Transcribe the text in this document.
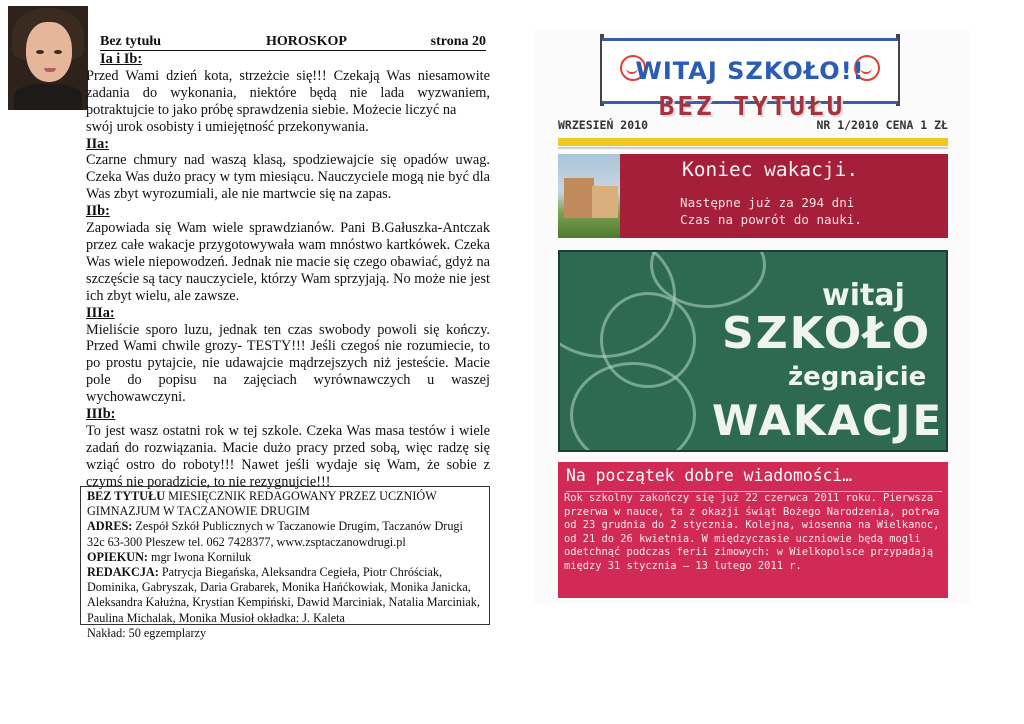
Bez tytułu	HOROSKOP	strona 20
Ia i Ib:

Przed Wami dzień kota, strzeżcie się!!! Czekają Was niesamowite zadania do wykonania, niektóre będą nie lada wyzwaniem, potraktujcie to jako próbę sprawdzenia siebie. Możecie liczyć na

swój urok osobisty i umiejętność przekonywania.

IIa:

Czarne chmury nad waszą klasą, spodziewajcie się opadów uwag. Czeka Was dużo pracy w tym miesiącu. Nauczyciele mogą nie być dla Was zbyt wyrozumiali, ale nie martwcie się na zapas.

IIb:

Zapowiada się Wam wiele sprawdzianów. Pani B.Gałuszka-Antczak przez całe wakacje przygotowywała wam mnóstwo kartkówek. Czeka Was wiele niepowodzeń. Jednak nie macie się czego obawiać, gdyż na szczęście są tacy nauczyciele, którzy Wam sprzyjają. No może nie jest ich zbyt wielu, ale zawsze.

IIIa:

Mieliście sporo luzu, jednak ten czas swobody powoli się kończy. Przed Wami chwile grozy- TESTY!!! Jeśli czegoś nie rozumiecie, to po prostu pytajcie, nie udawajcie mądrzejszych niż jesteście. Macie pole do popisu na zajęciach wyrównawczych u waszej wychowawczyni.

IIIb:

To jest wasz ostatni rok w tej szkole. Czeka Was masa testów i wiele zadań do rozwiązania. Macie dużo pracy przed sobą, więc radzę się wziąć ostro do roboty!!! Nawet jeśli wydaje się Wam, że sobie z czymś nie poradzicie, to nie rezygnujcie!!!

BEZ TYTUŁU MIESIĘCZNIK REDAGOWANY PRZEZ UCZNIÓW GIMNAZJUM W TACZANOWIE DRUGIM

ADRES: Zespół Szkół Publicznych w Taczanowie Drugim, Taczanów Drugi 32c 63-300 Pleszew tel. 062 7428377, www.zsptaczanowdrugi.pl

OPIEKUN: mgr Iwona Korniluk

REDAKCJA: Patrycja Biegańska, Aleksandra Cegieła, Piotr Chróściak, Dominika, Gabryszak, Daria Grabarek, Monika Hańćkowiak, Monika Janicka, Aleksandra Kałużna, Krystian Kempiński, Dawid Marciniak, Natalia Marciniak, Paulina Michalak, Monika Musioł okładka: J. Kaleta

Nakład: 50 egzemplarzy

WITAJ SZKOŁO!!
BEZ TYTUŁU
WRZESIEŃ 2010	NR 1/2010 CENA 1 ZŁ
Koniec wakacji.
Następne już za 294 dni
Czas na powrót do nauki.
witaj
SZKOŁO
żegnajcie
WAKACJE
Na początek dobre wiadomości…
Rok szkolny zakończy się już 22 czerwca 2011 roku. Pierwsza przerwa w nauce, ta z okazji świąt Bożego Narodzenia, potrwa od 23 grudnia do 2 stycznia. Kolejna, wiosenna na Wielkanoc, od 21 do 26 kwietnia. W międzyczasie uczniowie będą mogli odetchnąć podczas ferii zimowych: w Wielkopolsce przypadają między 31 stycznia – 13 lutego 2011 r.
